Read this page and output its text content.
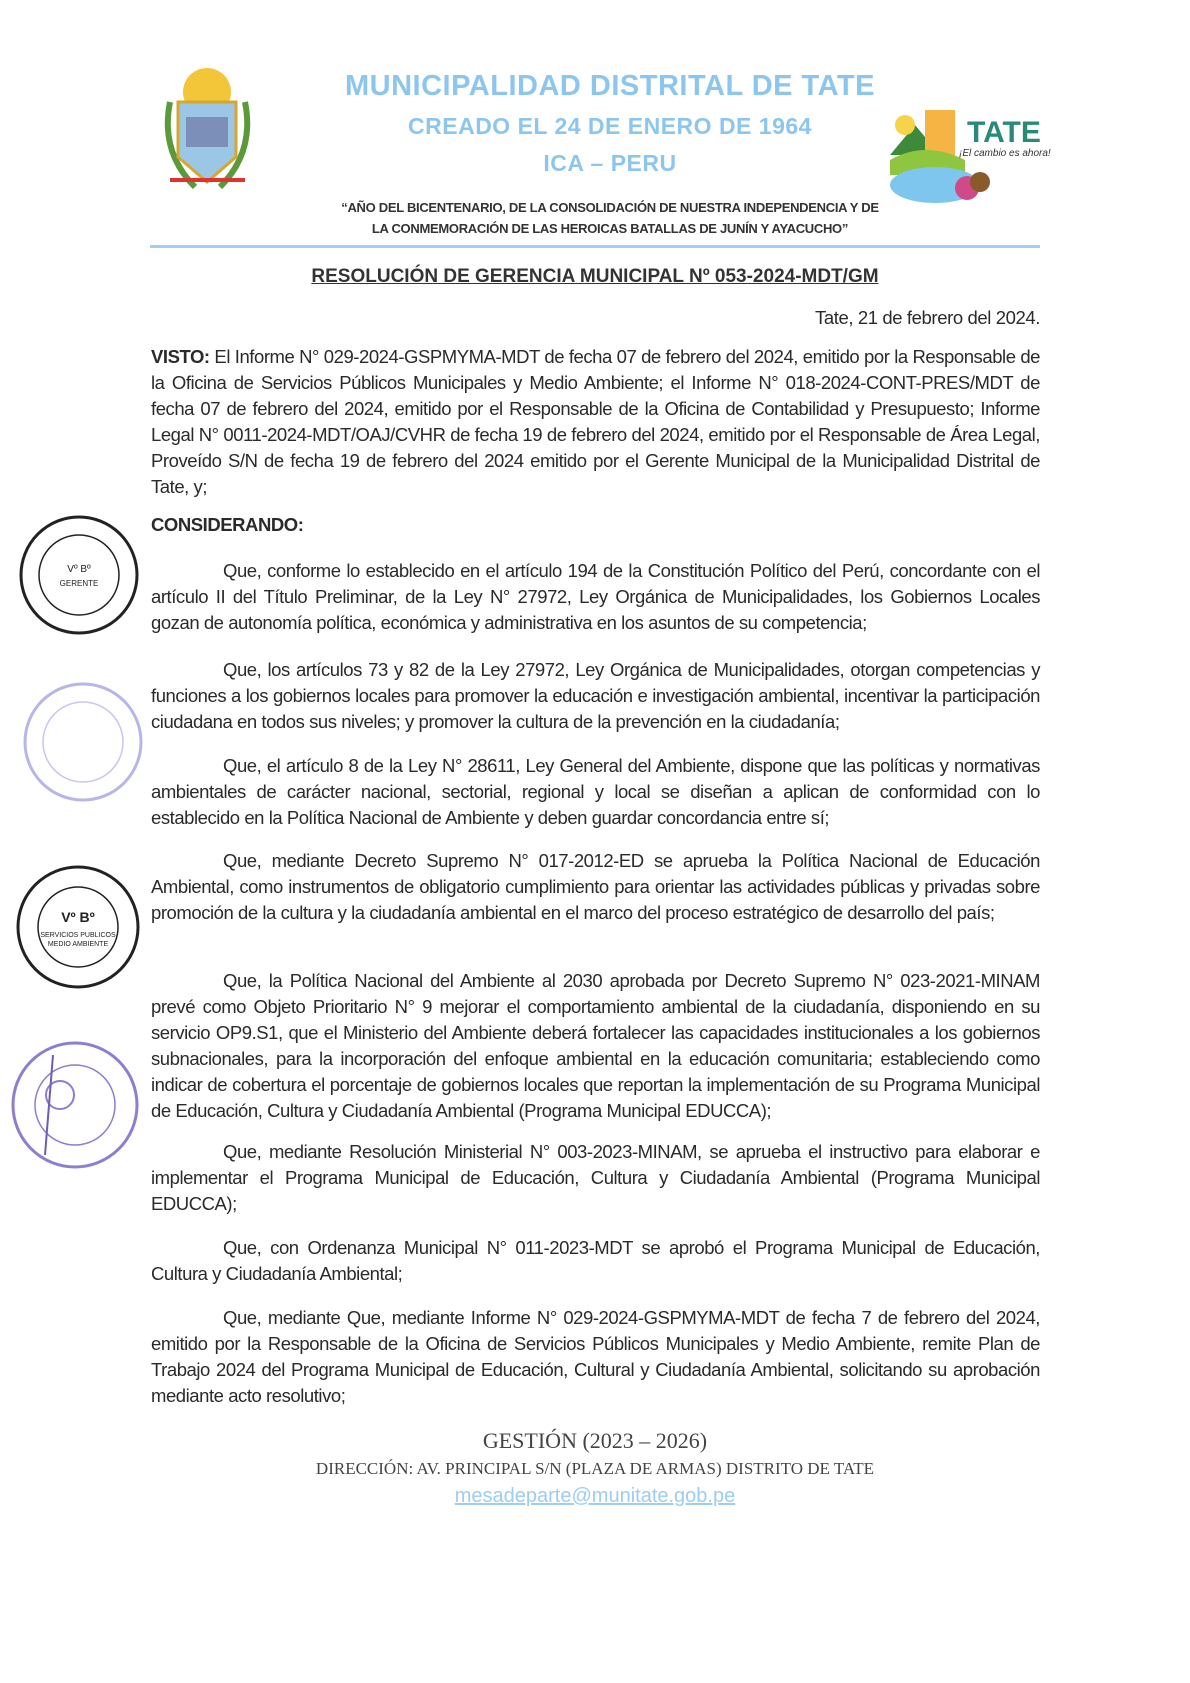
TATE
¡El cambio es ahora!
MUNICIPALIDAD DISTRITAL DE TATE
CREADO EL 24 DE ENERO DE 1964
ICA – PERU
“AÑO DEL BICENTENARIO, DE LA CONSOLIDACIÓN DE NUESTRA INDEPENDENCIA Y DE
LA CONMEMORACIÓN DE LAS HEROICAS BATALLAS DE JUNÍN Y AYACUCHO”
RESOLUCIÓN DE GERENCIA MUNICIPAL Nº 053-2024-MDT/GM
Tate, 21 de febrero del 2024.
VISTO: El Informe N° 029-2024-GSPMYMA-MDT de fecha 07 de febrero del 2024, emitido por la Responsable de la Oficina de Servicios Públicos Municipales y Medio Ambiente; el Informe N° 018-2024-CONT-PRES/MDT de fecha 07 de febrero del 2024, emitido por el Responsable de la Oficina de Contabilidad y Presupuesto; Informe Legal N° 0011-2024-MDT/OAJ/CVHR de fecha 19 de febrero del 2024, emitido por el Responsable de Área Legal, Proveído S/N de fecha 19 de febrero del 2024 emitido por el Gerente Municipal de la Municipalidad Distrital de Tate, y;
CONSIDERANDO:
Que, conforme lo establecido en el artículo 194 de la Constitución Político del Perú, concordante con el artículo II del Título Preliminar, de la Ley N° 27972, Ley Orgánica de Municipalidades, los Gobiernos Locales gozan de autonomía política, económica y administrativa en los asuntos de su competencia;
Que, los artículos 73 y 82 de la Ley 27972, Ley Orgánica de Municipalidades, otorgan competencias y funciones a los gobiernos locales para promover la educación e investigación ambiental, incentivar la participación ciudadana en todos sus niveles; y promover la cultura de la prevención en la ciudadanía;
Que, el artículo 8 de la Ley N° 28611, Ley General del Ambiente, dispone que las políticas y normativas ambientales de carácter nacional, sectorial, regional y local se diseñan a aplican de conformidad con lo establecido en la Política Nacional de Ambiente y deben guardar concordancia entre sí;
Que, mediante Decreto Supremo N° 017-2012-ED se aprueba la Política Nacional de Educación Ambiental, como instrumentos de obligatorio cumplimiento para orientar las actividades públicas y privadas sobre promoción de la cultura y la ciudadanía ambiental en el marco del proceso estratégico de desarrollo del país;
Que, la Política Nacional del Ambiente al 2030 aprobada por Decreto Supremo N° 023-2021-MINAM prevé como Objeto Prioritario N° 9 mejorar el comportamiento ambiental de la ciudadanía, disponiendo en su servicio OP9.S1, que el Ministerio del Ambiente deberá fortalecer las capacidades institucionales a los gobiernos subnacionales, para la incorporación del enfoque ambiental en la educación comunitaria; estableciendo como indicar de cobertura el porcentaje de gobiernos locales que reportan la implementación de su Programa Municipal de Educación, Cultura y Ciudadanía Ambiental (Programa Municipal EDUCCA);
Que, mediante Resolución Ministerial N° 003-2023-MINAM, se aprueba el instructivo para elaborar e implementar el Programa Municipal de Educación, Cultura y Ciudadanía Ambiental (Programa Municipal EDUCCA);
Que, con Ordenanza Municipal N° 011-2023-MDT se aprobó el Programa Municipal de Educación, Cultura y Ciudadanía Ambiental;
Que, mediante Que, mediante Informe N° 029-2024-GSPMYMA-MDT de fecha 7 de febrero del 2024, emitido por la Responsable de la Oficina de Servicios Públicos Municipales y Medio Ambiente, remite Plan de Trabajo 2024 del Programa Municipal de Educación, Cultural y Ciudadanía Ambiental, solicitando su aprobación mediante acto resolutivo;
Vº Bº
GERENTE
Vº Bº
SERVICIOS PUBLICOS
MEDIO AMBIENTE
GESTIÓN (2023 – 2026)
DIRECCIÓN: AV. PRINCIPAL S/N (PLAZA DE ARMAS) DISTRITO DE TATE
mesadeparte@munitate.gob.pe
